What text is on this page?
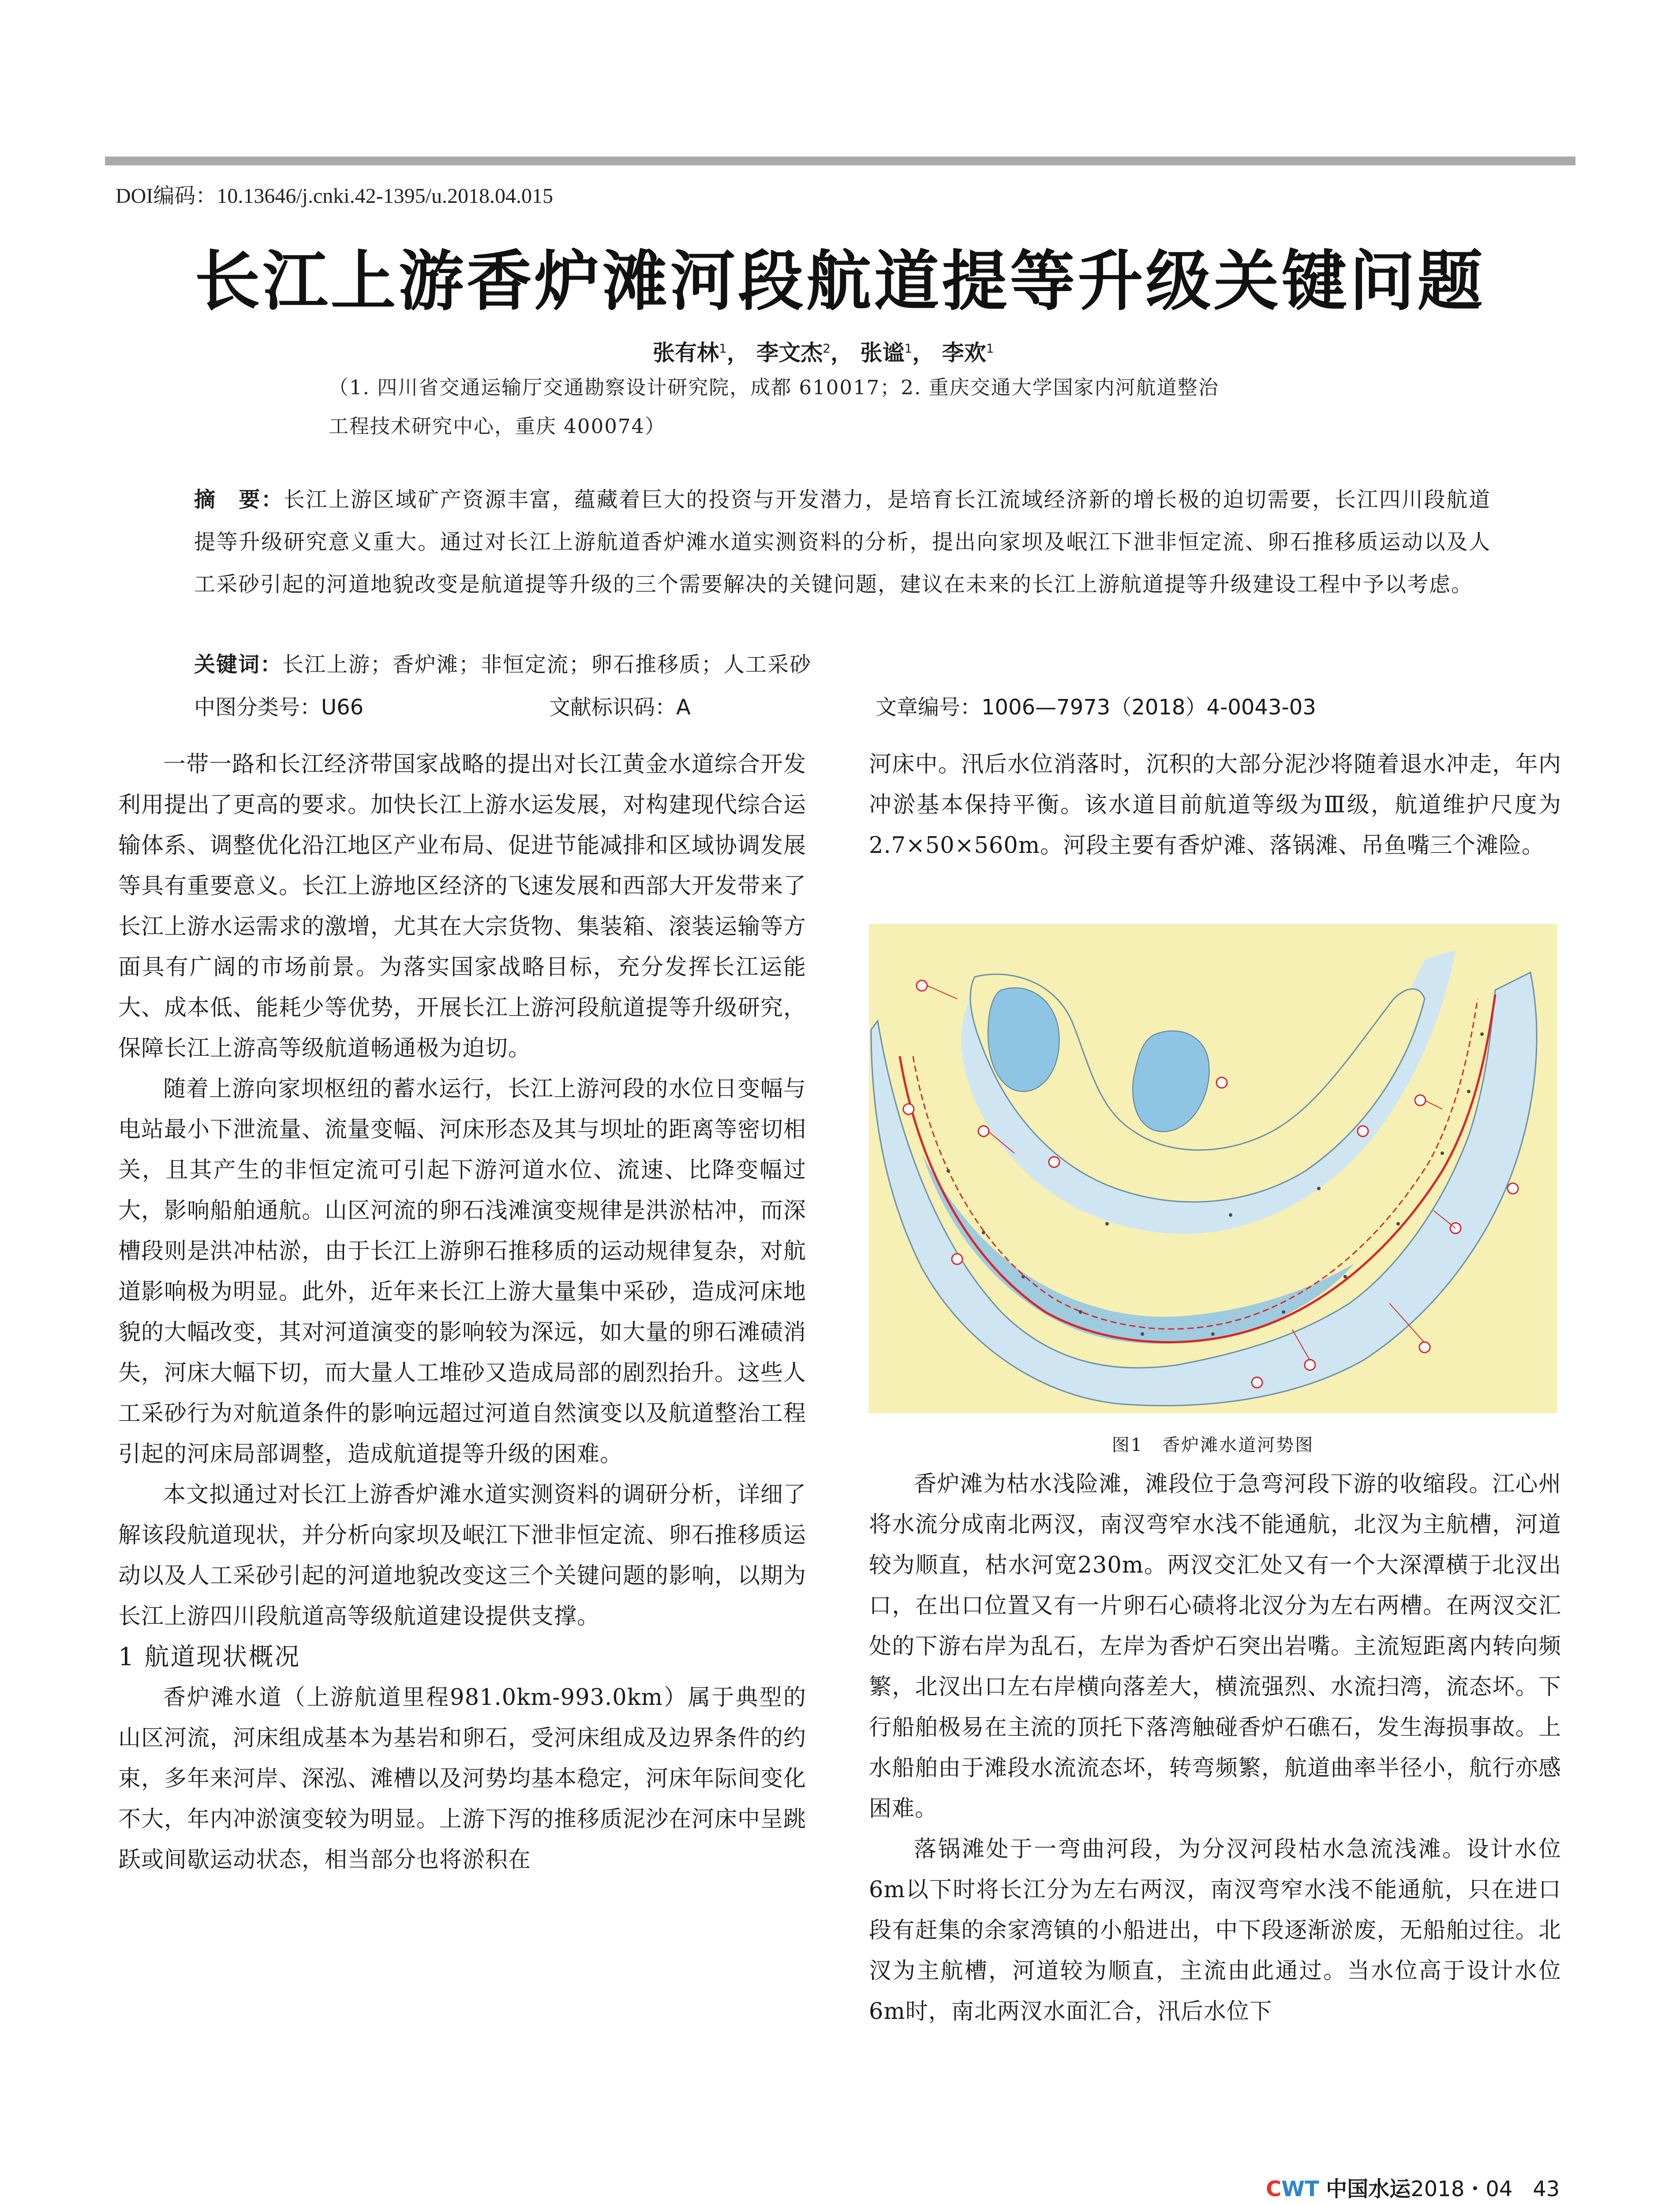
DOI编码：10.13646/j.cnki.42-1395/u.2018.04.015
长江上游香炉滩河段航道提等升级关键问题
张有林$^1$， 李文杰$^2$， 张谧$^1$， 李欢$^1$
（1. 四川省交通运输厅交通勘察设计研究院，成都 610017；2. 重庆交通大学国家内河航道整治
工程技术研究中心，重庆 400074）
摘　要：长江上游区域矿产资源丰富，蕴藏着巨大的投资与开发潜力，是培育长江流域经济新的增长极的迫切需要，长江四川段航道提等升级研究意义重大。通过对长江上游航道香炉滩水道实测资料的分析，提出向家坝及岷江下泄非恒定流、卵石推移质运动以及人工采砂引起的河道地貌改变是航道提等升级的三个需要解决的关键问题，建议在未来的长江上游航道提等升级建设工程中予以考虑。
关键词：长江上游；香炉滩；非恒定流；卵石推移质；人工采砂
中图分类号：U66	文献标识码：A	文章编号：1006—7973（2018）4-0043-03

一带一路和长江经济带国家战略的提出对长江黄金水道综合开发利用提出了更高的要求。加快长江上游水运发展，对构建现代综合运输体系、调整优化沿江地区产业布局、促进节能减排和区域协调发展等具有重要意义。长江上游地区经济的飞速发展和西部大开发带来了长江上游水运需求的激增，尤其在大宗货物、集装箱、滚装运输等方面具有广阔的市场前景。为落实国家战略目标，充分发挥长江运能大、成本低、能耗少等优势，开展长江上游河段航道提等升级研究，保障长江上游高等级航道畅通极为迫切。

随着上游向家坝枢纽的蓄水运行，长江上游河段的水位日变幅与电站最小下泄流量、流量变幅、河床形态及其与坝址的距离等密切相关，且其产生的非恒定流可引起下游河道水位、流速、比降变幅过大，影响船舶通航。山区河流的卵石浅滩演变规律是洪淤枯冲，而深槽段则是洪冲枯淤，由于长江上游卵石推移质的运动规律复杂，对航道影响极为明显。此外，近年来长江上游大量集中采砂，造成河床地貌的大幅改变，其对河道演变的影响较为深远，如大量的卵石滩碛消失，河床大幅下切，而大量人工堆砂又造成局部的剧烈抬升。这些人工采砂行为对航道条件的影响远超过河道自然演变以及航道整治工程引起的河床局部调整，造成航道提等升级的困难。

本文拟通过对长江上游香炉滩水道实测资料的调研分析，详细了解该段航道现状，并分析向家坝及岷江下泄非恒定流、卵石推移质运动以及人工采砂引起的河道地貌改变这三个关键问题的影响，以期为长江上游四川段航道高等级航道建设提供支撑。

1 航道现状概况

香炉滩水道（上游航道里程981.0km-993.0km）属于典型的山区河流，河床组成基本为基岩和卵石，受河床组成及边界条件的约束，多年来河岸、深泓、滩槽以及河势均基本稳定，河床年际间变化不大，年内冲淤演变较为明显。上游下泻的推移质泥沙在河床中呈跳跃或间歇运动状态，相当部分也将淤积在

河床中。汛后水位消落时，沉积的大部分泥沙将随着退水冲走，年内冲淤基本保持平衡。该水道目前航道等级为Ⅲ级，航道维护尺度为2.7×50×560m。河段主要有香炉滩、落锅滩、吊鱼嘴三个滩险。

图1　香炉滩水道河势图

香炉滩为枯水浅险滩，滩段位于急弯河段下游的收缩段。江心州将水流分成南北两汊，南汊弯窄水浅不能通航，北汊为主航槽，河道较为顺直，枯水河宽230m。两汊交汇处又有一个大深潭横于北汊出口，在出口位置又有一片卵石心碛将北汊分为左右两槽。在两汊交汇处的下游右岸为乱石，左岸为香炉石突出岩嘴。主流短距离内转向频繁，北汊出口左右岸横向落差大，横流强烈、水流扫湾，流态坏。下行船舶极易在主流的顶托下落湾触碰香炉石礁石，发生海损事故。上水船舶由于滩段水流流态坏，转弯频繁，航道曲率半径小，航行亦感困难。

落锅滩处于一弯曲河段，为分汊河段枯水急流浅滩。设计水位6m以下时将长江分为左右两汊，南汊弯窄水浅不能通航，只在进口段有赶集的余家湾镇的小船进出，中下段逐渐淤废，无船舶过往。北汊为主航槽，河道较为顺直，主流由此通过。当水位高于设计水位6m时，南北两汊水面汇合，汛后水位下

CWT 中国水运2018・04 43
